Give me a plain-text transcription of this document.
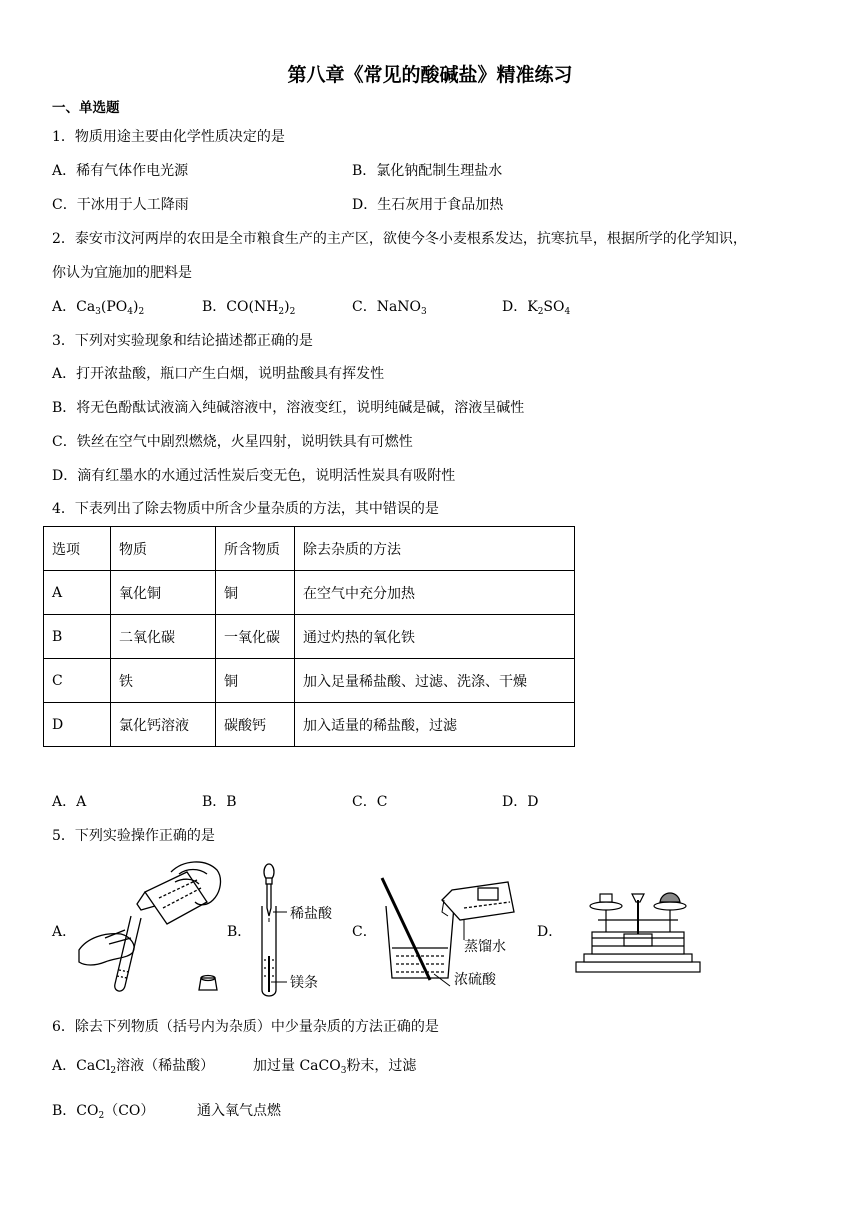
第八章《常见的酸碱盐》精准练习
一、单选题
1．物质用途主要由化学性质决定的是
A．稀有气体作电光源	B．氯化钠配制生理盐水
C．干冰用于人工降雨	D．生石灰用于食品加热
2．泰安市汶河两岸的农田是全市粮食生产的主产区，欲使今冬小麦根系发达，抗寒抗旱，根据所学的化学知识，
你认为宜施加的肥料是
A．$Ca_3(PO_4)_2$	B．$CO(NH_2)_2$	C．NaNO$_3$	D．$K_2SO_4$
3．下列对实验现象和结论描述都正确的是
A．打开浓盐酸，瓶口产生白烟，说明盐酸具有挥发性
B．将无色酚酞试液滴入纯碱溶液中，溶液变红，说明纯碱是碱，溶液呈碱性
C．铁丝在空气中剧烈燃烧，火星四射，说明铁具有可燃性
D．滴有红墨水的水通过活性炭后变无色，说明活性炭具有吸附性
4．下表列出了除去物质中所含少量杂质的方法，其中错误的是
选项	物质	所含物质	除去杂质的方法
A	氧化铜	铜	在空气中充分加热
B	二氧化碳	一氧化碳	通过灼热的氧化铁
C	铁	铜	加入足量稀盐酸、过滤、洗涤、干燥
D	氯化钙溶液	碳酸钙	加入适量的稀盐酸，过滤
A．A	B．B	C．C	D．D
5．下列实验操作正确的是
A．	B．	C．	D．
稀盐酸
镁条
蒸馏水
浓硫酸
6．除去下列物质（括号内为杂质）中少量杂质的方法正确的是
A．CaCl$_2$溶液（稀盐酸）	加过量 CaCO$_3$粉末，过滤
B．$CO_2(CO)$	通入氧气点燃
